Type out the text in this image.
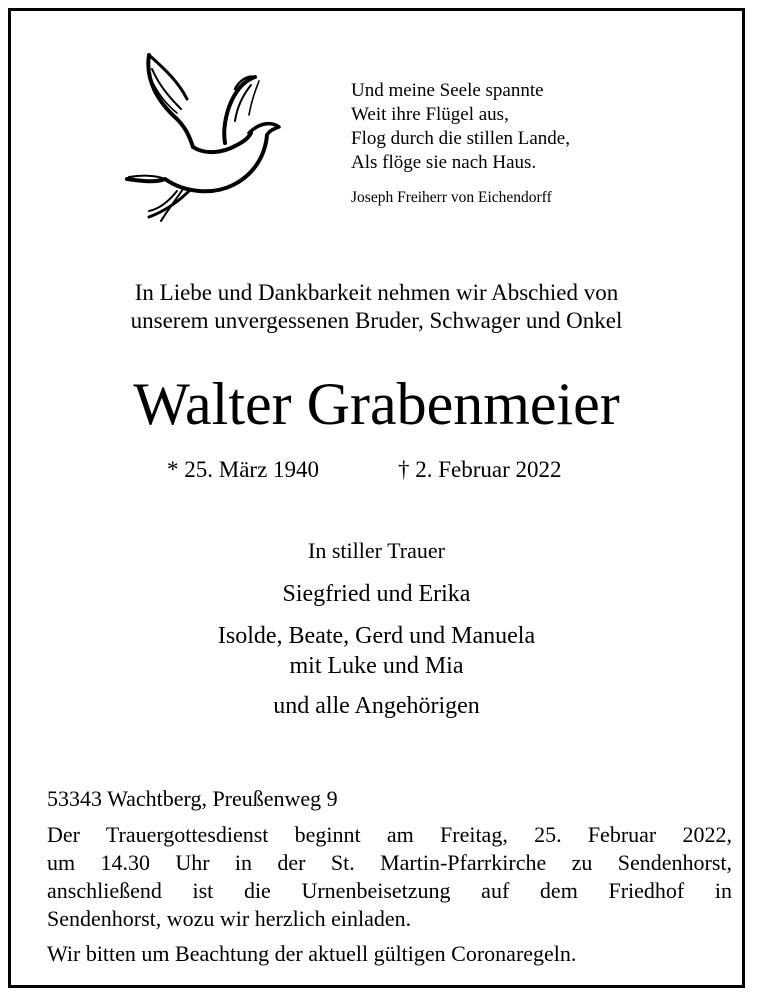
Und meine Seele spannte
Weit ihre Flügel aus,
Flog durch die stillen Lande,
Als flöge sie nach Haus.
Joseph Freiherr von Eichendorff
In Liebe und Dankbarkeit nehmen wir Abschied von
unserem unvergessenen Bruder, Schwager und Onkel
Walter Grabenmeier
* 25. März 1940	† 2. Februar 2022
In stiller Trauer
Siegfried und Erika
Isolde, Beate, Gerd und Manuela
mit Luke und Mia
und alle Angehörigen
53343 Wachtberg, Preußenweg 9
Der Trauergottesdienst beginnt am Freitag, 25. Februar 2022,
um 14.30 Uhr in der St. Martin-Pfarrkirche zu Sendenhorst,
anschließend ist die Urnenbeisetzung auf dem Friedhof in
Sendenhorst, wozu wir herzlich einladen.
Wir bitten um Beachtung der aktuell gültigen Coronaregeln.
